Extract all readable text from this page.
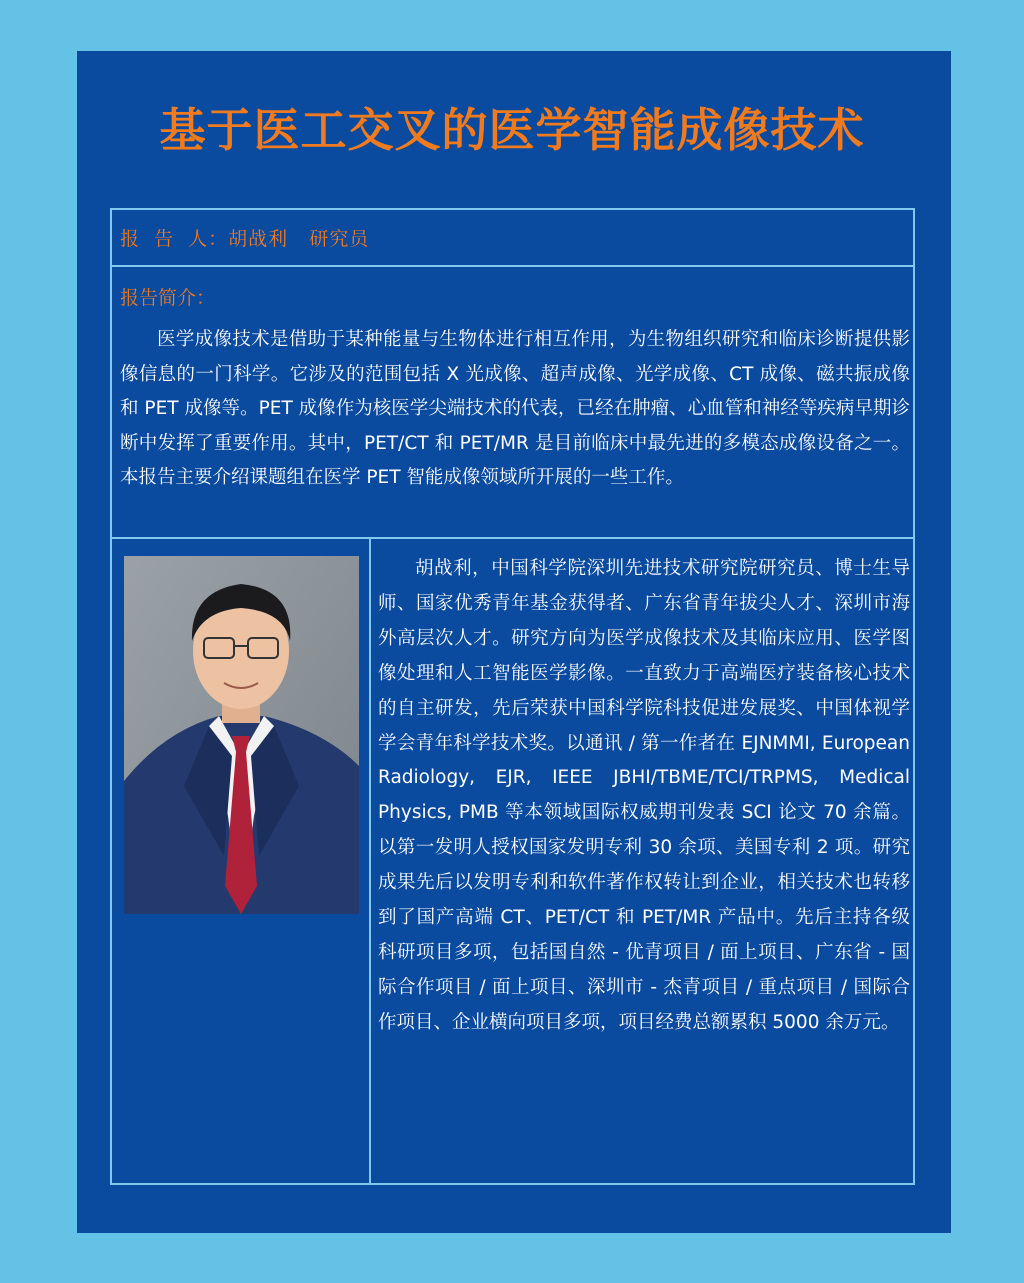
基于医工交叉的医学智能成像技术
报  告  人：胡战利 研究员
报告简介：

医学成像技术是借助于某种能量与生物体进行相互作用，为生物组织研究和临床诊断提供影像信息的一门科学。它涉及的范围包括 X 光成像、超声成像、光学成像、CT 成像、磁共振成像和 PET 成像等。PET 成像作为核医学尖端技术的代表，已经在肿瘤、心血管和神经等疾病早期诊断中发挥了重要作用。其中，PET/CT 和 PET/MR 是目前临床中最先进的多模态成像设备之一。本报告主要介绍课题组在医学 PET 智能成像领域所开展的一些工作。

胡战利，中国科学院深圳先进技术研究院研究员、博士生导师、国家优秀青年基金获得者、广东省青年拔尖人才、深圳市海外高层次人才。研究方向为医学成像技术及其临床应用、医学图像处理和人工智能医学影像。一直致力于高端医疗装备核心技术的自主研发，先后荣获中国科学院科技促进发展奖、中国体视学学会青年科学技术奖。以通讯 / 第一作者在 EJNMMI, European Radiology, EJR, IEEE JBHI/TBME/TCI/TRPMS, Medical Physics, PMB 等本领域国际权威期刊发表 SCI 论文 70 余篇。以第一发明人授权国家发明专利 30 余项、美国专利 2 项。研究成果先后以发明专利和软件著作权转让到企业，相关技术也转移到了国产高端 CT、PET/CT 和 PET/MR 产品中。先后主持各级科研项目多项，包括国自然 - 优青项目 / 面上项目、广东省 - 国际合作项目 / 面上项目、深圳市 - 杰青项目 / 重点项目 / 国际合作项目、企业横向项目多项，项目经费总额累积 5000 余万元。
